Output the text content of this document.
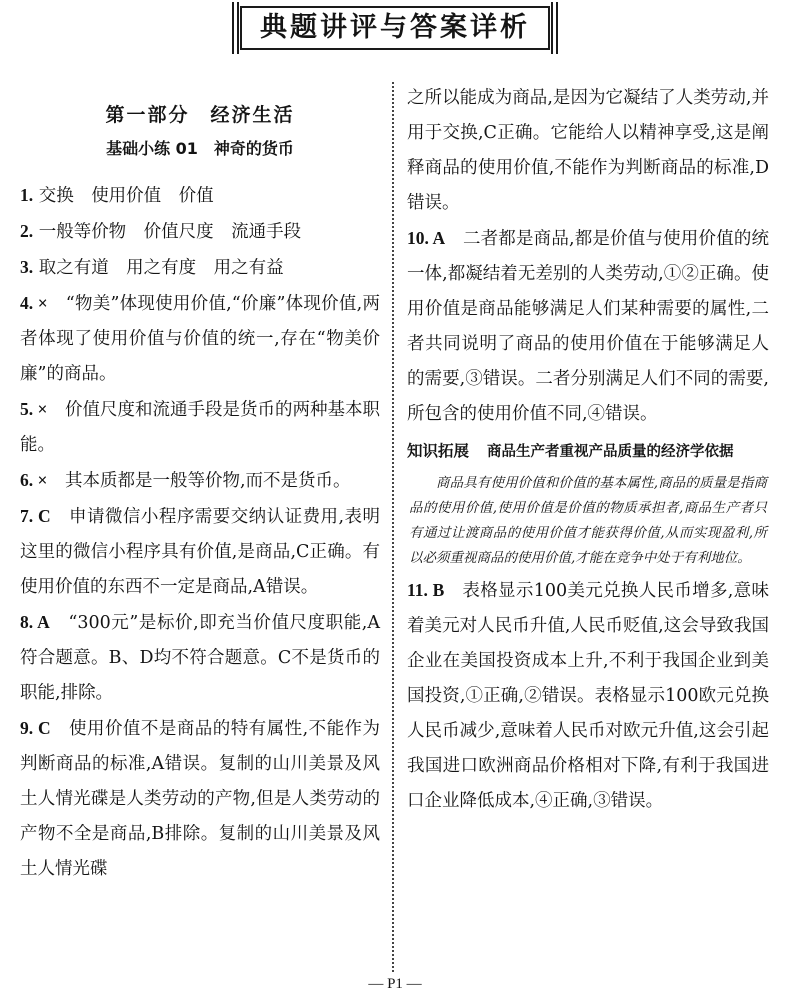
典题讲评与答案详析
第一部分　经济生活
基础小练 01　神奇的货币

1. 交换　使用价值　价值

2. 一般等价物　价值尺度　流通手段

3. 取之有道　用之有度　用之有益

4. ×　“物美”体现使用价值,“价廉”体现价值,两者体现了使用价值与价值的统一,存在“物美价廉”的商品。

5. ×　价值尺度和流通手段是货币的两种基本职能。

6. ×　其本质都是一般等价物,而不是货币。

7. C　申请微信小程序需要交纳认证费用,表明这里的微信小程序具有价值,是商品,C正确。有使用价值的东西不一定是商品,A错误。

8. A　“300元”是标价,即充当价值尺度职能,A符合题意。B、D均不符合题意。C不是货币的职能,排除。

9. C　使用价值不是商品的特有属性,不能作为判断商品的标准,A错误。复制的山川美景及风土人情光碟是人类劳动的产物,但是人类劳动的产物不全是商品,B排除。复制的山川美景及风土人情光碟

之所以能成为商品,是因为它凝结了人类劳动,并用于交换,C正确。它能给人以精神享受,这是阐释商品的使用价值,不能作为判断商品的标准,D错误。

10. A　二者都是商品,都是价值与使用价值的统一体,都凝结着无差别的人类劳动,①②正确。使用价值是商品能够满足人们某种需要的属性,二者共同说明了商品的使用价值在于能够满足人的需要,③错误。二者分别满足人们不同的需要,所包含的使用价值不同,④错误。

知识拓展 商品生产者重视产品质量的经济学依据

商品具有使用价值和价值的基本属性,商品的质量是指商品的使用价值,使用价值是价值的物质承担者,商品生产者只有通过让渡商品的使用价值才能获得价值,从而实现盈利,所以必须重视商品的使用价值,才能在竞争中处于有利地位。

11. B　表格显示100美元兑换人民币增多,意味着美元对人民币升值,人民币贬值,这会导致我国企业在美国投资成本上升,不利于我国企业到美国投资,①正确,②错误。表格显示100欧元兑换人民币减少,意味着人民币对欧元升值,这会引起我国进口欧洲商品价格相对下降,有利于我国进口企业降低成本,④正确,③错误。

— P1 —
